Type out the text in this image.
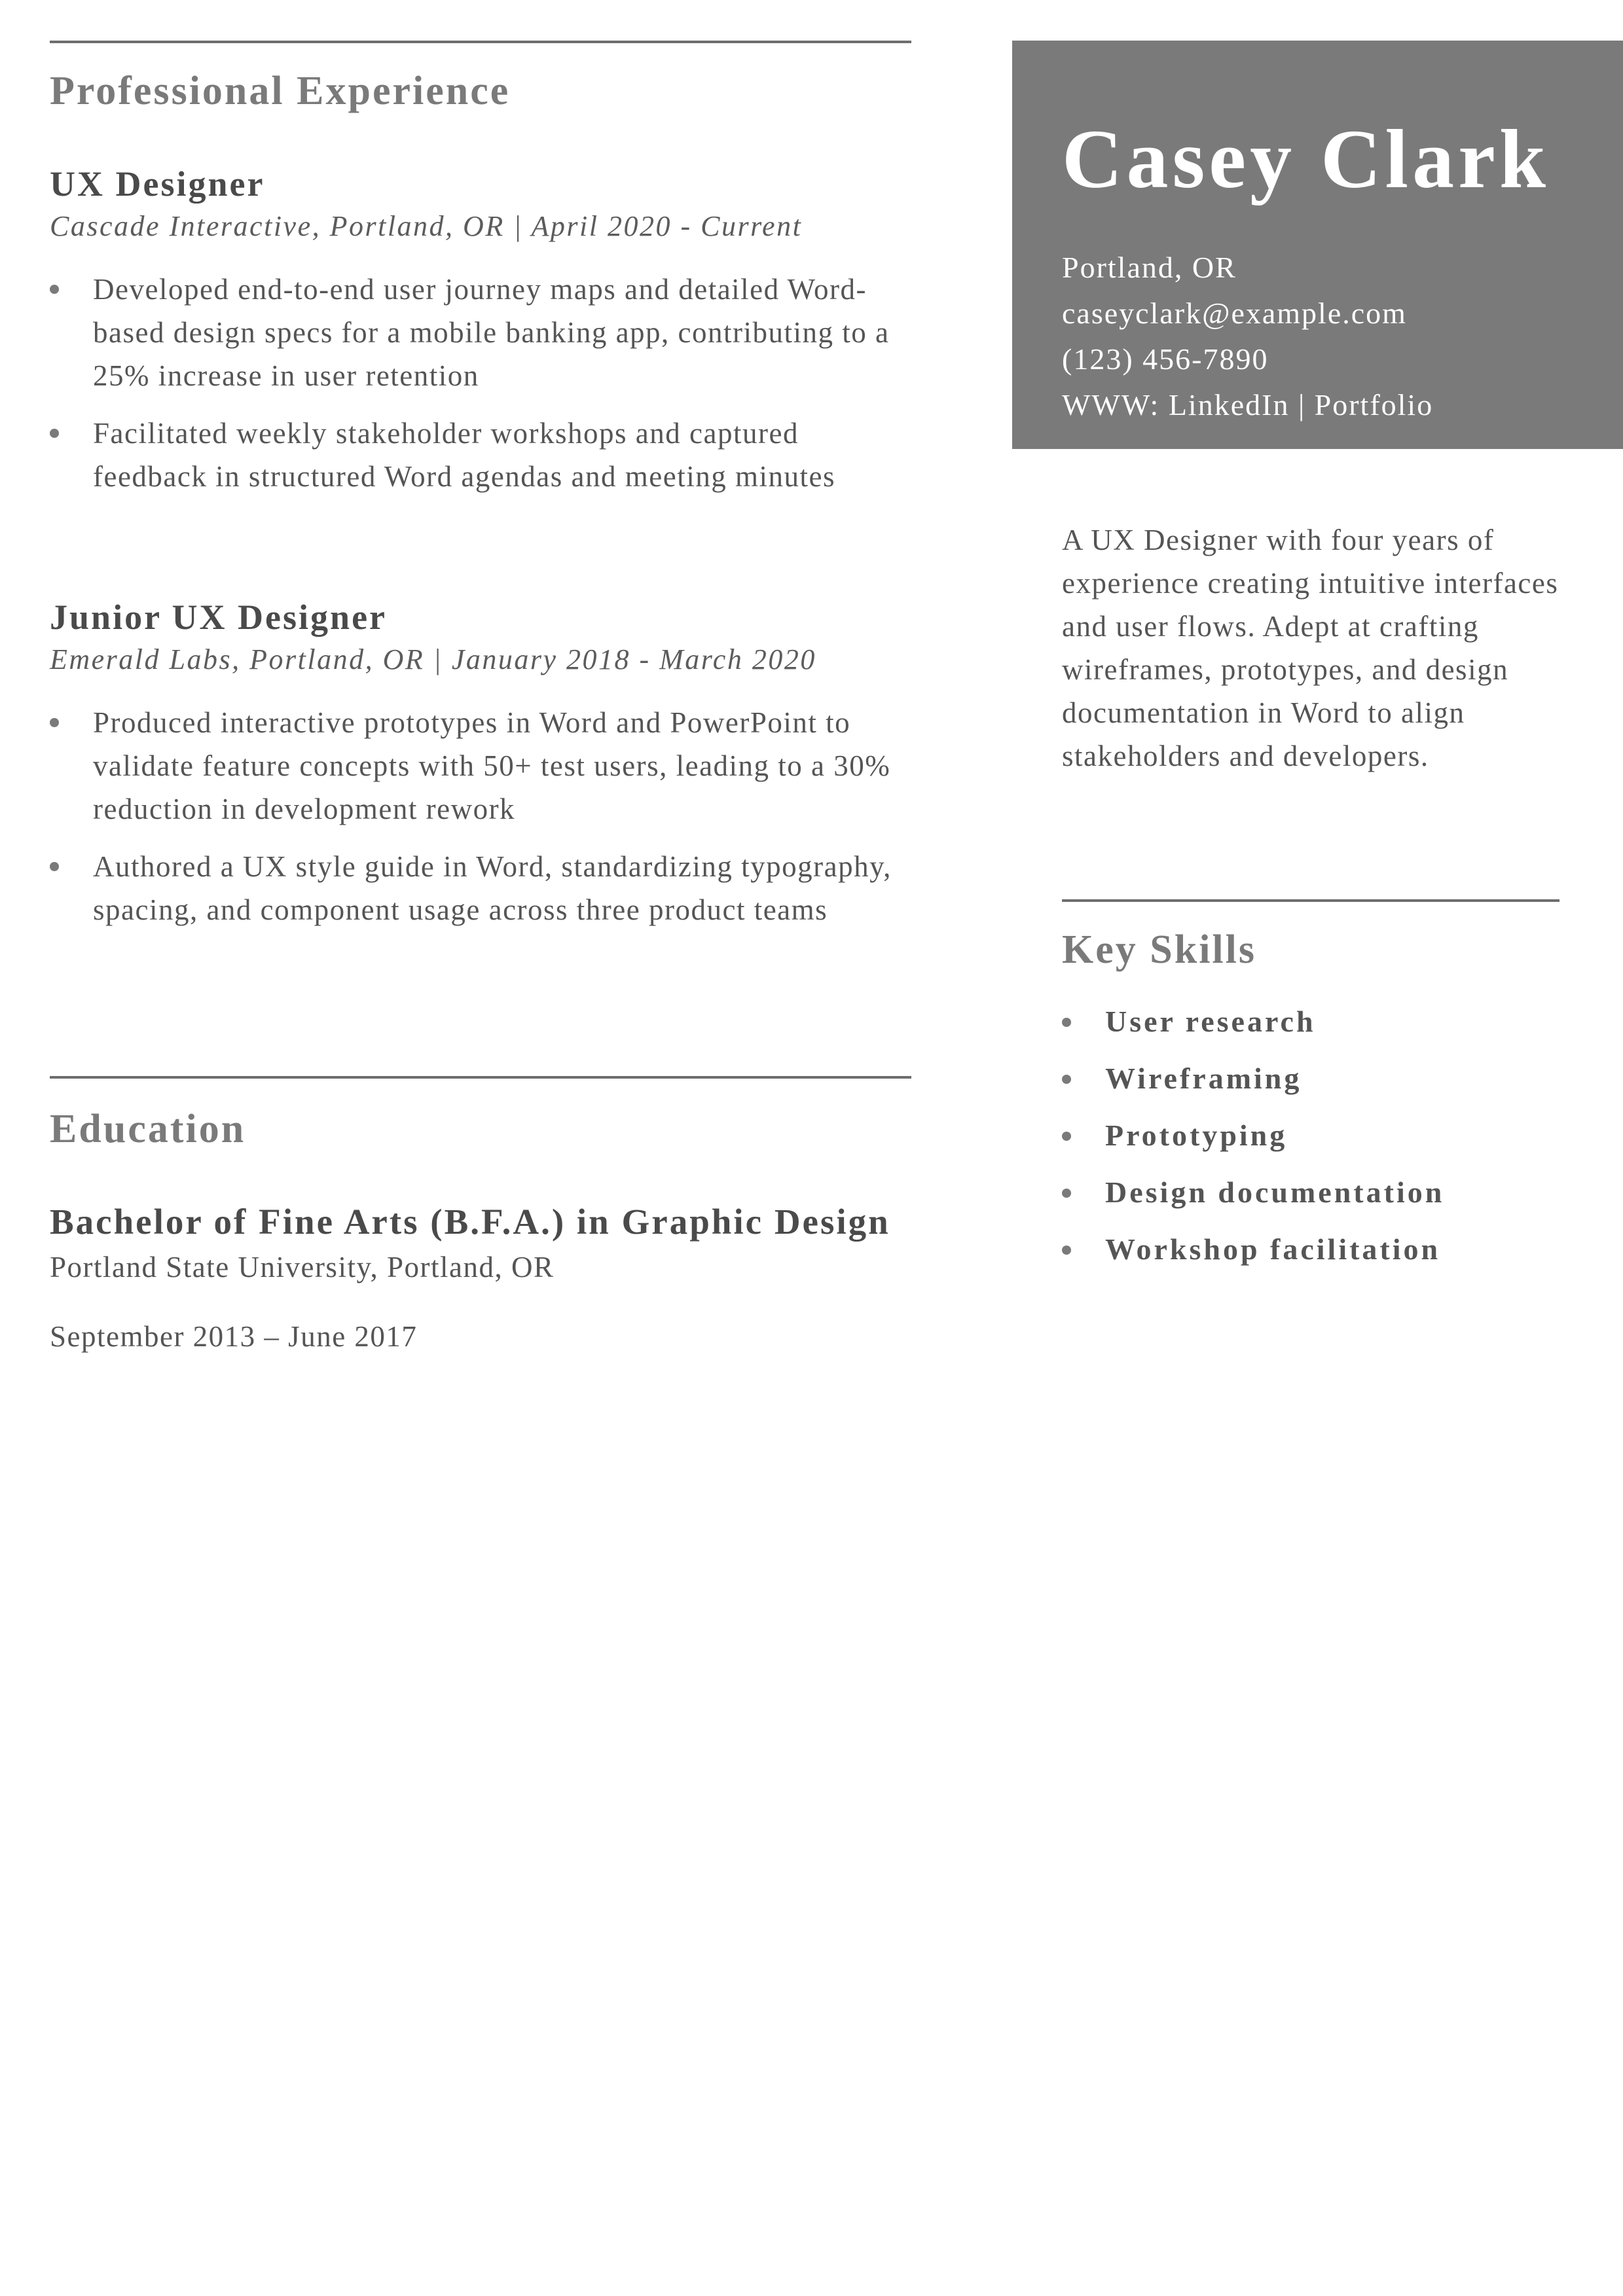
Professional Experience
UX Designer

Cascade Interactive, Portland, OR | April 2020 - Current

Developed end-to-end user journey maps and detailed Word-based design specs for a mobile banking app, contributing to a 25% increase in user retention
Facilitated weekly stakeholder workshops and captured feedback in structured Word agendas and meeting minutes
Junior UX Designer

Emerald Labs, Portland, OR | January 2018 - March 2020

Produced interactive prototypes in Word and PowerPoint to validate feature concepts with 50+ test users, leading to a 30% reduction in development rework
Authored a UX style guide in Word, standardizing typography, spacing, and component usage across three product teams
Education
Bachelor of Fine Arts (B.F.A.) in Graphic Design

Portland State University, Portland, OR

September 2013 – June 2017

Casey Clark
Portland, OR
caseyclark@example.com
(123) 456-7890
WWW: LinkedIn | Portfolio

A UX Designer with four years of experience creating intuitive interfaces and user flows. Adept at crafting wireframes, prototypes, and design documentation in Word to align stakeholders and developers.

Key Skills
User research
Wireframing
Prototyping
Design documentation
Workshop facilitation
